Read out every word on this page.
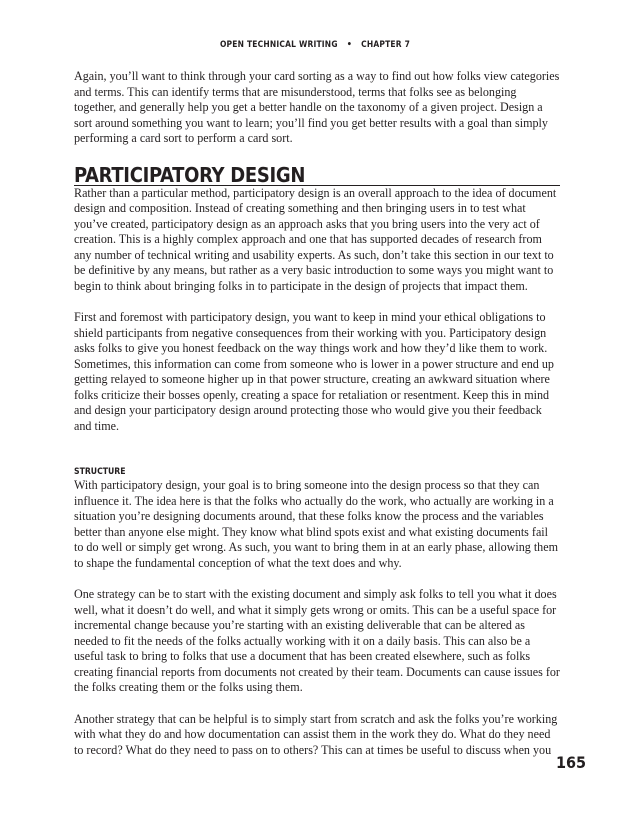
OPEN TECHNICAL WRITING • CHAPTER 7

Again, you’ll want to think through your card sorting as a way to find out how folks view categories and terms. This can identify terms that are misunderstood, terms that folks see as belonging together, and generally help you get a better handle on the taxonomy of a given project. Design a sort around something you want to learn; you’ll find you get better results with a goal than simply performing a card sort to perform a card sort.

PARTICIPATORY DESIGN

Rather than a particular method, participatory design is an overall approach to the idea of document design and composition. Instead of creating something and then bringing users in to test what you’ve created, participatory design as an approach asks that you bring users into the very act of creation. This is a highly complex approach and one that has supported decades of research from any number of technical writing and usability experts. As such, don’t take this section in our text to be definitive by any means, but rather as a very basic introduction to some ways you might want to begin to think about bringing folks in to participate in the design of projects that impact them.

First and foremost with participatory design, you want to keep in mind your ethical obligations to shield participants from negative consequences from their working with you. Participatory design asks folks to give you honest feedback on the way things work and how they’d like them to work. Sometimes, this information can come from someone who is lower in a power structure and end up getting relayed to someone higher up in that power structure, creating an awkward situation where folks criticize their bosses openly, creating a space for retaliation or resentment. Keep this in mind and design your participatory design around protecting those who would give you their feedback and time.

STRUCTURE

With participatory design, your goal is to bring someone into the design process so that they can influence it. The idea here is that the folks who actually do the work, who actually are working in a situation you’re designing documents around, that these folks know the process and the variables better than anyone else might. They know what blind spots exist and what existing documents fail to do well or simply get wrong. As such, you want to bring them in at an early phase, allowing them to shape the fundamental conception of what the text does and why.

One strategy can be to start with the existing document and simply ask folks to tell you what it does well, what it doesn’t do well, and what it simply gets wrong or omits. This can be a useful space for incremental change because you’re starting with an existing deliverable that can be altered as needed to fit the needs of the folks actually working with it on a daily basis. This can also be a useful task to bring to folks that use a document that has been created elsewhere, such as folks creating financial reports from documents not created by their team. Documents can cause issues for the folks creating them or the folks using them.

Another strategy that can be helpful is to simply start from scratch and ask the folks you’re working with what they do and how documentation can assist them in the work they do. What do they need to record? What do they need to pass on to others? This can at times be useful to discuss when you

165
